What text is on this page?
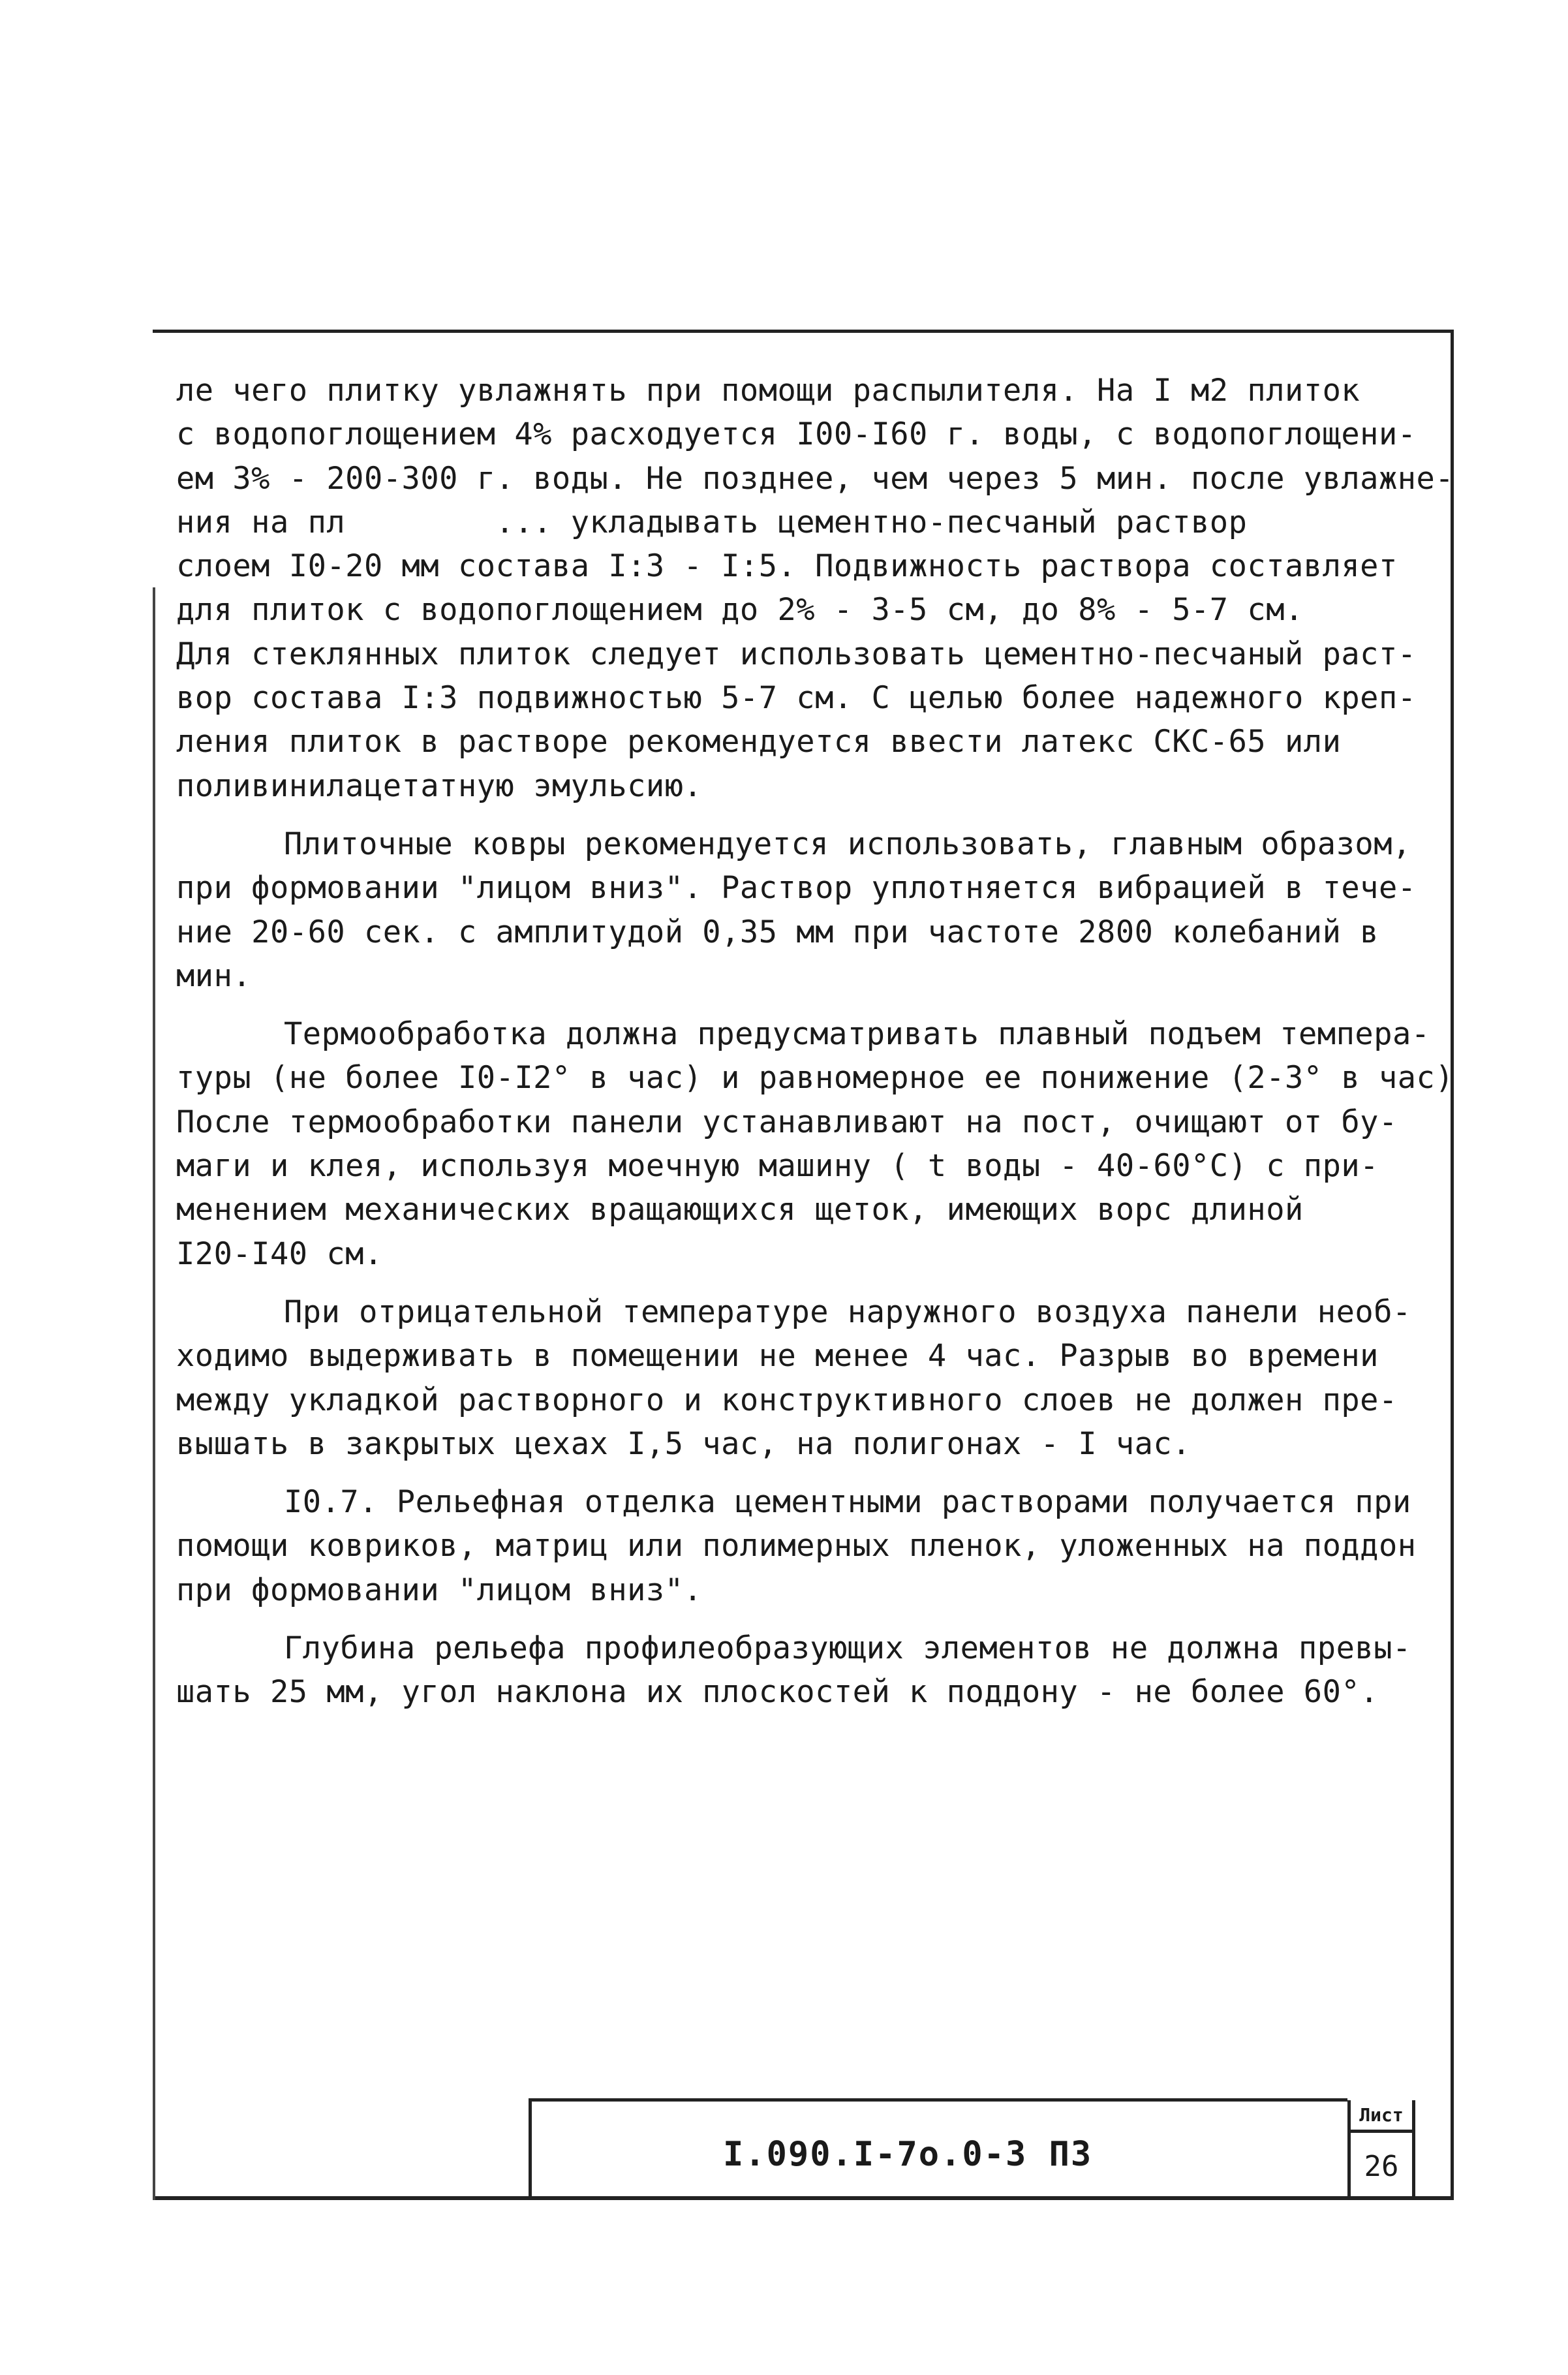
ле чего плитку увлажнять при помощи распылителя. На I м2 плиток
с водопоглощением 4% расходуется I00-I60 г. воды, с водопоглощени-
ем 3% - 200-300 г. воды. Не позднее, чем через 5 мин. после увлажне-
ния на пл        ... укладывать цементно-песчаный раствор
слоем I0-20 мм состава I:3 - I:5. Подвижность раствора составляет
для плиток с водопоглощением до 2% - 3-5 см, до 8% - 5-7 см.
Для стеклянных плиток следует использовать цементно-песчаный раст-
вор состава I:3 подвижностью 5-7 см. С целью более надежного креп-
ления плиток в растворе рекомендуется ввести латекс СКС-65 или
поливинилацетатную эмульсию.
Плиточные ковры рекомендуется использовать, главным образом,
при формовании "лицом вниз". Раствор уплотняется вибрацией в тече-
ние 20-60 сек. с амплитудой 0,35 мм при частоте 2800 колебаний в
мин.
Термообработка должна предусматривать плавный подъем темпера-
туры (не более I0-I2° в час) и равномерное ее понижение (2-3° в час)
После термообработки панели устанавливают на пост, очищают от бу-
маги и клея, используя моечную машину ( t воды - 40-60°С) с при-
менением механических вращающихся щеток, имеющих ворс длиной
I20-I40 см.
При отрицательной температуре наружного воздуха панели необ-
ходимо выдерживать в помещении не менее 4 час. Разрыв во времени
между укладкой растворного и конструктивного слоев не должен пре-
вышать в закрытых цехах I,5 час, на полигонах - I час.
I0.7. Рельефная отделка цементными растворами получается при
помощи ковриков, матриц или полимерных пленок, уложенных на поддон
при формовании "лицом вниз".
Глубина рельефа профилеобразующих элементов не должна превы-
шать 25 мм, угол наклона их плоскостей к поддону - не более 60°.
I.090.I-7о.0-3 ПЗ
Лист
26
